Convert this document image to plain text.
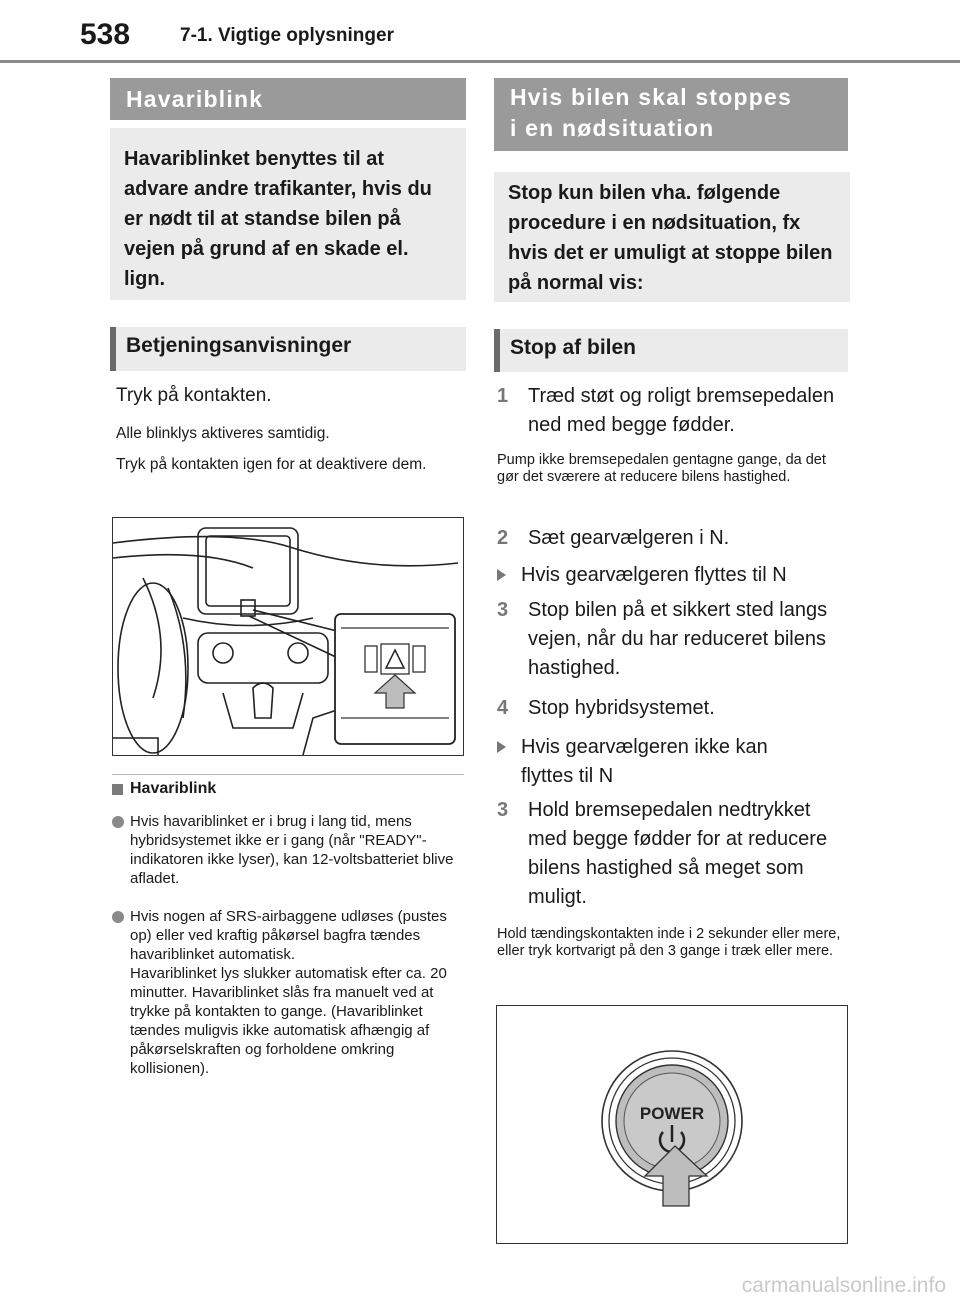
538	7-1. Vigtige oplysninger
Havariblink
Havariblinket benyttes til at advare andre trafikanter, hvis du er nødt til at standse bilen på vejen på grund af en skade el. lign.
Betjeningsanvisninger
Tryk på kontakten.
Alle blinklys aktiveres samtidig.
Tryk på kontakten igen for at deaktivere dem.
Havariblink
Hvis havariblinket er i brug i lang tid, mens hybridsystemet ikke er i gang (når "READY"-indikatoren ikke lyser), kan 12-voltsbatteriet blive afladet.
Hvis nogen af SRS-airbaggene udløses (pustes op) eller ved kraftig påkørsel bagfra tændes havariblinket automatisk.
Havariblinket lys slukker automatisk efter ca. 20 minutter. Havariblinket slås fra manuelt ved at trykke på kontakten to gange. (Havariblinket tændes muligvis ikke automatisk afhængig af påkørselskraften og forholdene omkring kollisionen).
Hvis bilen skal stoppes
i en nødsituation
Stop kun bilen vha. følgende procedure i en nødsituation, fx hvis det er umuligt at stoppe bilen på normal vis:
Stop af bilen
1 Træd støt og roligt bremsepedalen ned med begge fødder.
Pump ikke bremsepedalen gentagne gange, da det gør det sværere at reducere bilens hastighed.
2 Sæt gearvælgeren i N.
Hvis gearvælgeren flyttes til N
3 Stop bilen på et sikkert sted langs vejen, når du har reduceret bilens hastighed.
4 Stop hybridsystemet.
Hvis gearvælgeren ikke kan flyttes til N
3 Hold bremsepedalen nedtrykket med begge fødder for at reducere bilens hastighed så meget som muligt.
Hold tændingskontakten inde i 2 sekunder eller mere, eller tryk kortvarigt på den 3 gange i træk eller mere.
POWER
carmanualsonline.info
